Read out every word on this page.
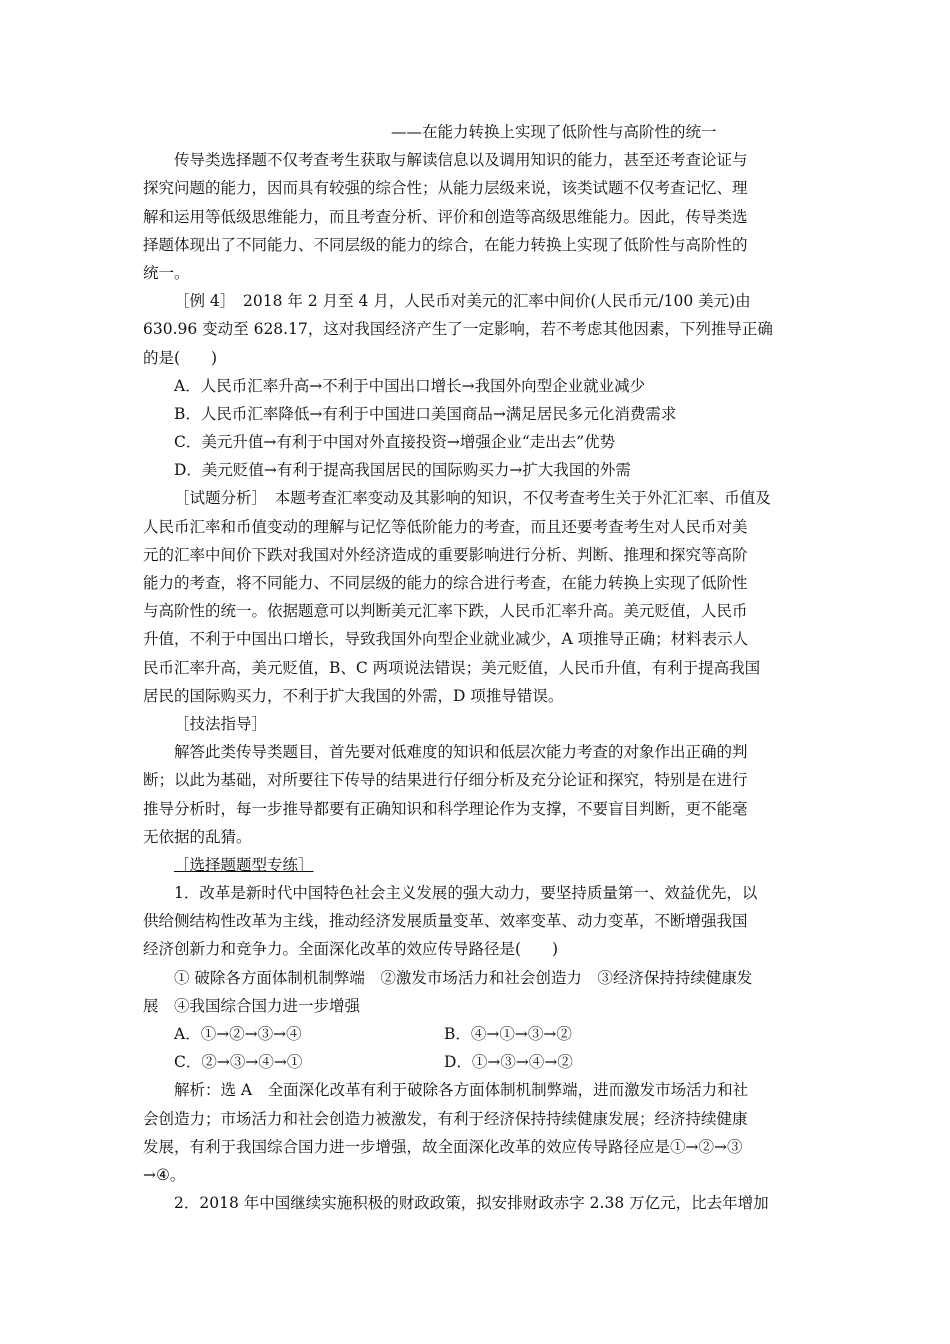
——在能力转换上实现了低阶性与高阶性的统一
传导类选择题不仅考查考生获取与解读信息以及调用知识的能力，甚至还考查论证与
探究问题的能力，因而具有较强的综合性；从能力层级来说，该类试题不仅考查记忆、理
解和运用等低级思维能力，而且考查分析、评价和创造等高级思维能力。因此，传导类选
择题体现出了不同能力、不同层级的能力的综合，在能力转换上实现了低阶性与高阶性的
统一。
［例 4］　2018 年 2 月至 4 月，人民币对美元的汇率中间价(人民币元/100 美元)由
630.96 变动至 628.17，这对我国经济产生了一定影响，若不考虑其他因素，下列推导正确
的是(　　)
A．人民币汇率升高→不利于中国出口增长→我国外向型企业就业减少
B．人民币汇率降低→有利于中国进口美国商品→满足居民多元化消费需求
C．美元升值→有利于中国对外直接投资→增强企业“走出去”优势
D．美元贬值→有利于提高我国居民的国际购买力→扩大我国的外需
［试题分析］　本题考查汇率变动及其影响的知识，不仅考查考生关于外汇汇率、币值及
人民币汇率和币值变动的理解与记忆等低阶能力的考查，而且还要考查考生对人民币对美
元的汇率中间价下跌对我国对外经济造成的重要影响进行分析、判断、推理和探究等高阶
能力的考查，将不同能力、不同层级的能力的综合进行考查，在能力转换上实现了低阶性
与高阶性的统一。依据题意可以判断美元汇率下跌，人民币汇率升高。美元贬值，人民币
升值，不利于中国出口增长，导致我国外向型企业就业减少，A 项推导正确；材料表示人
民币汇率升高，美元贬值，B、C 两项说法错误；美元贬值，人民币升值，有利于提高我国
居民的国际购买力，不利于扩大我国的外需，D 项推导错误。
［技法指导］
解答此类传导类题目，首先要对低难度的知识和低层次能力考查的对象作出正确的判
断；以此为基础，对所要往下传导的结果进行仔细分析及充分论证和探究，特别是在进行
推导分析时，每一步推导都要有正确知识和科学理论作为支撑，不要盲目判断，更不能毫
无依据的乱猜。
［选择题题型专练］
1．改革是新时代中国特色社会主义发展的强大动力，要坚持质量第一、效益优先，以
供给侧结构性改革为主线，推动经济发展质量变革、效率变革、动力变革，不断增强我国
经济创新力和竞争力。全面深化改革的效应传导路径是(　　)
① 破除各方面体制机制弊端　②激发市场活力和社会创造力　③经济保持持续健康发
展　④我国综合国力进一步增强
A．①→②→③→④	B．④→①→③→②
C．②→③→④→①	D．①→③→④→②
解析：选 A　全面深化改革有利于破除各方面体制机制弊端，进而激发市场活力和社
会创造力；市场活力和社会创造力被激发，有利于经济保持持续健康发展；经济持续健康
发展，有利于我国综合国力进一步增强，故全面深化改革的效应传导路径应是①→②→③
→④。
2．2018 年中国继续实施积极的财政政策，拟安排财政赤字 2.38 万亿元，比去年增加
